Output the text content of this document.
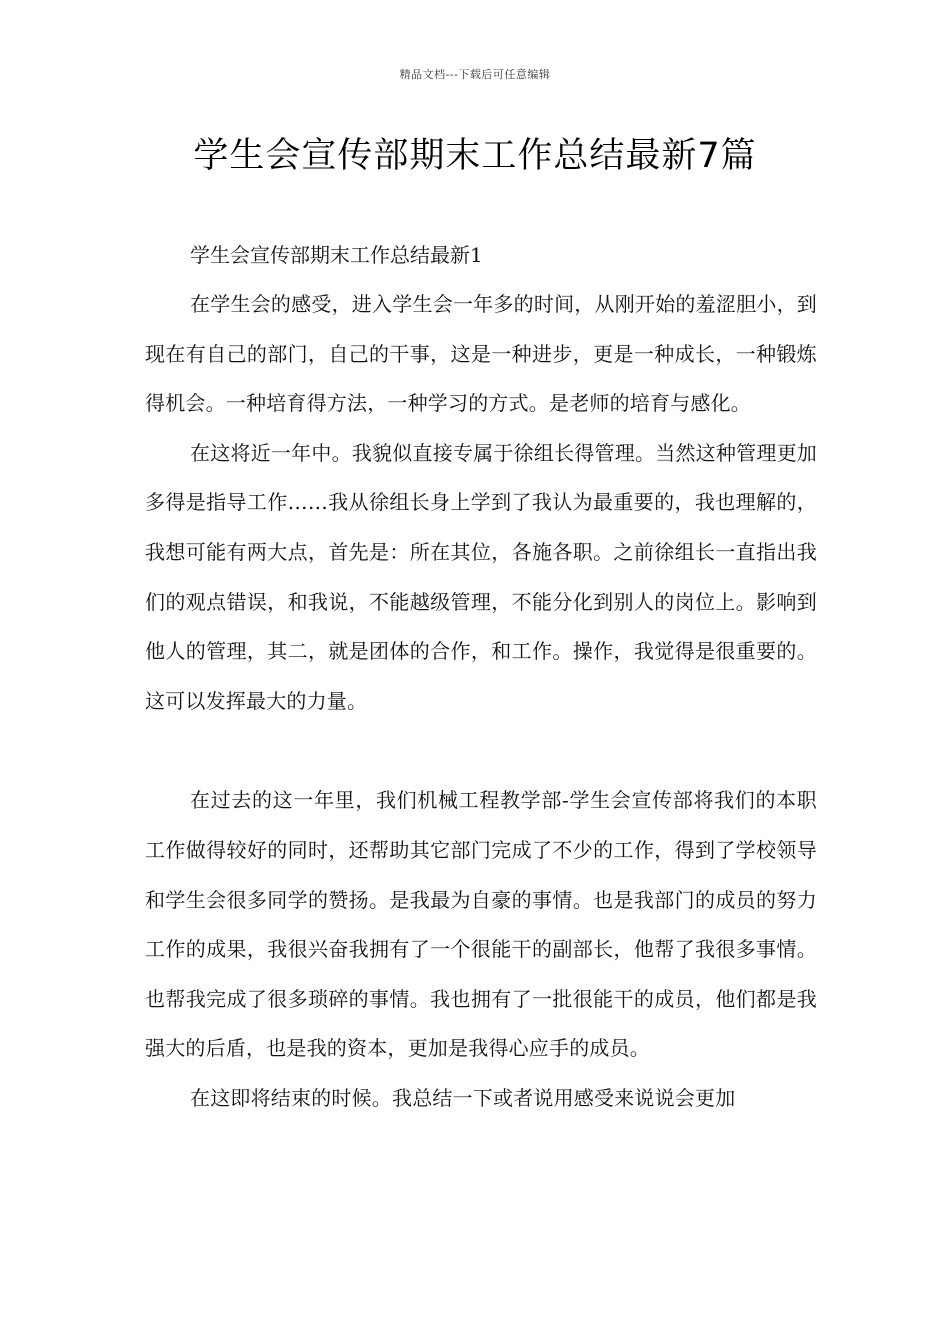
精品文档---下载后可任意编辑
学生会宣传部期末工作总结最新7篇

学生会宣传部期末工作总结最新1

在学生会的感受，进入学生会一年多的时间，从刚开始的羞涩胆小，到现在有自己的部门，自己的干事，这是一种进步，更是一种成长，一种锻炼得机会。一种培育得方法，一种学习的方式。是老师的培育与感化。

在这将近一年中。我貌似直接专属于徐组长得管理。当然这种管理更加多得是指导工作……我从徐组长身上学到了我认为最重要的，我也理解的，我想可能有两大点，首先是：所在其位，各施各职。之前徐组长一直指出我们的观点错误，和我说，不能越级管理，不能分化到别人的岗位上。影响到他人的管理，其二，就是团体的合作，和工作。操作，我觉得是很重要的。这可以发挥最大的力量。

在过去的这一年里，我们机械工程教学部-学生会宣传部将我们的本职工作做得较好的同时，还帮助其它部门完成了不少的工作，得到了学校领导和学生会很多同学的赞扬。是我最为自豪的事情。也是我部门的成员的努力工作的成果，我很兴奋我拥有了一个很能干的副部长，他帮了我很多事情。也帮我完成了很多琐碎的事情。我也拥有了一批很能干的成员，他们都是我强大的后盾，也是我的资本，更加是我得心应手的成员。

在这即将结束的时候。我总结一下或者说用感受来说说会更加
